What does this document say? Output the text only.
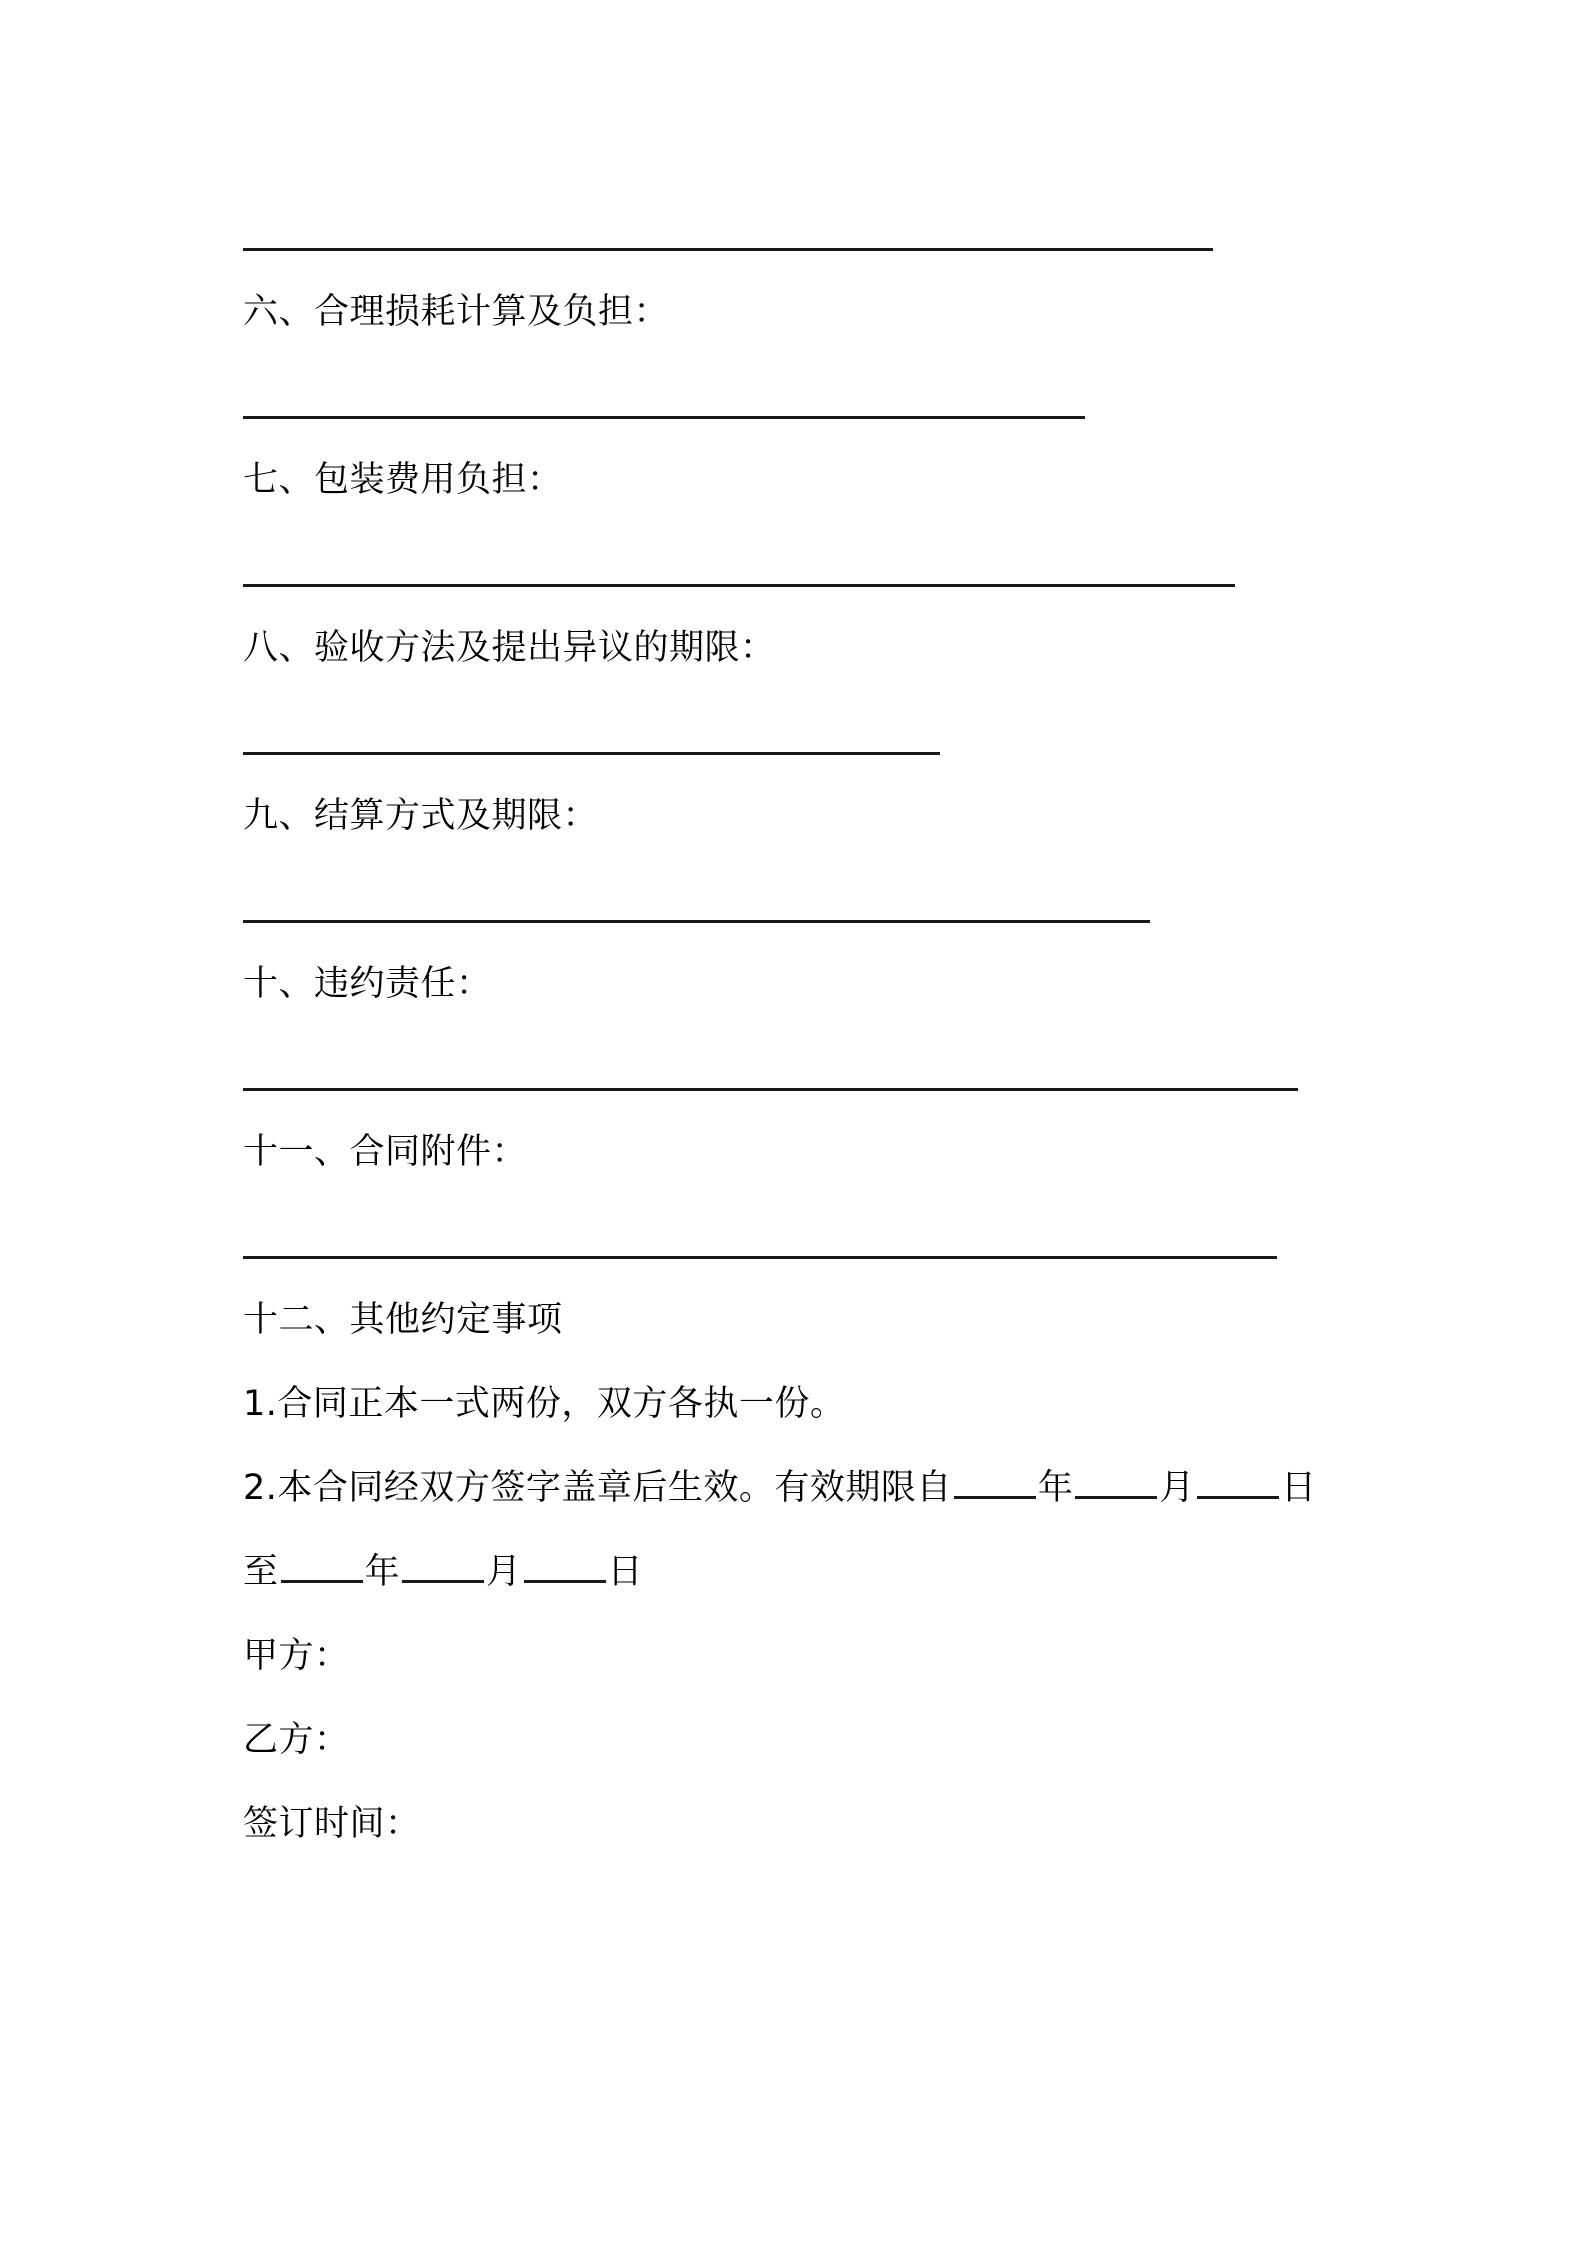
六、合理损耗计算及负担：
七、包装费用负担：
八、验收方法及提出异议的期限：
九、结算方式及期限：
十、违约责任：
十一、合同附件：
十二、其他约定事项
1.合同正本一式两份，双方各执一份。
2.本合同经双方签字盖章后生效。有效期限自 年 月 日
至 年 月 日
甲方：
乙方：
签订时间：
